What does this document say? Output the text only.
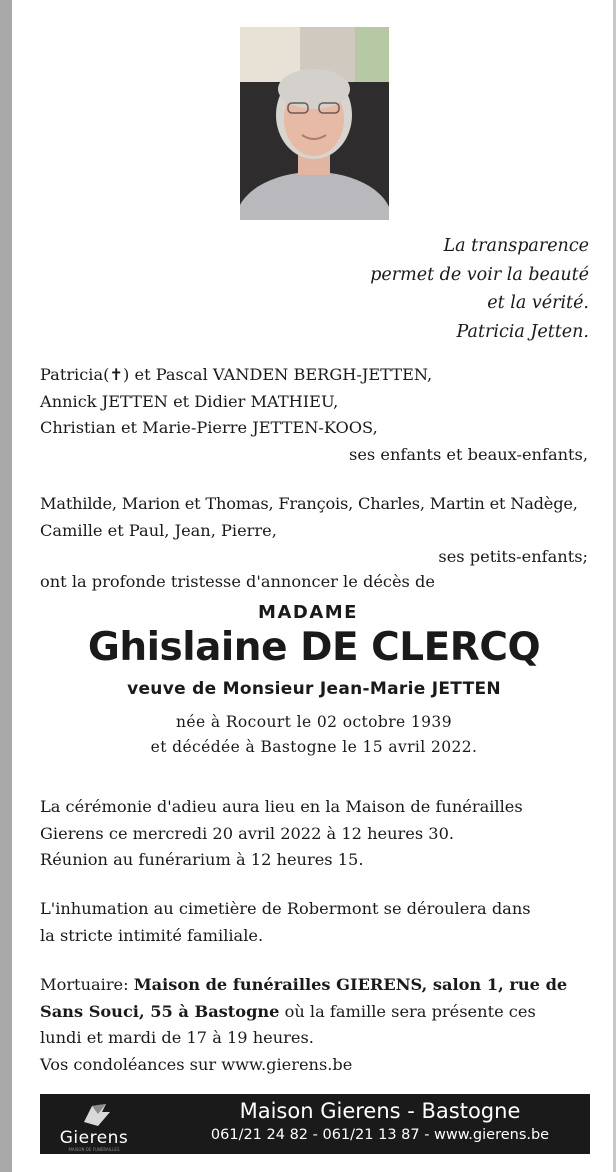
La transparence
permet de voir la beauté
et la vérité.
Patricia Jetten.
Patricia(✝) et Pascal VANDEN BERGH-JETTEN,
Annick JETTEN et Didier MATHIEU,
Christian et Marie-Pierre JETTEN-KOOS,
ses enfants et beaux-enfants,
Mathilde, Marion et Thomas, François, Charles, Martin et Nadège,
Camille et Paul, Jean, Pierre,
ses petits-enfants;
ont la profonde tristesse d'annoncer le décès de
MADAME
Ghislaine DE CLERCQ
veuve de Monsieur Jean-Marie JETTEN
née à Rocourt le 02 octobre 1939
et décédée à Bastogne le 15 avril 2022.
La cérémonie d'adieu aura lieu en la Maison de funérailles
Gierens ce mercredi 20 avril 2022 à 12 heures 30.
Réunion au funérarium à 12 heures 15.
L'inhumation au cimetière de Robermont se déroulera dans
la stricte intimité familiale.
Mortuaire: Maison de funérailles GIERENS, salon 1, rue de
Sans Souci, 55 à Bastogne où la famille sera présente ces
lundi et mardi de 17 à 19 heures.
Vos condoléances sur www.gierens.be
Gierens
MAISON DE FUNÉRAILLES
Maison Gierens - Bastogne
061/21 24 82 - 061/21 13 87 - www.gierens.be
